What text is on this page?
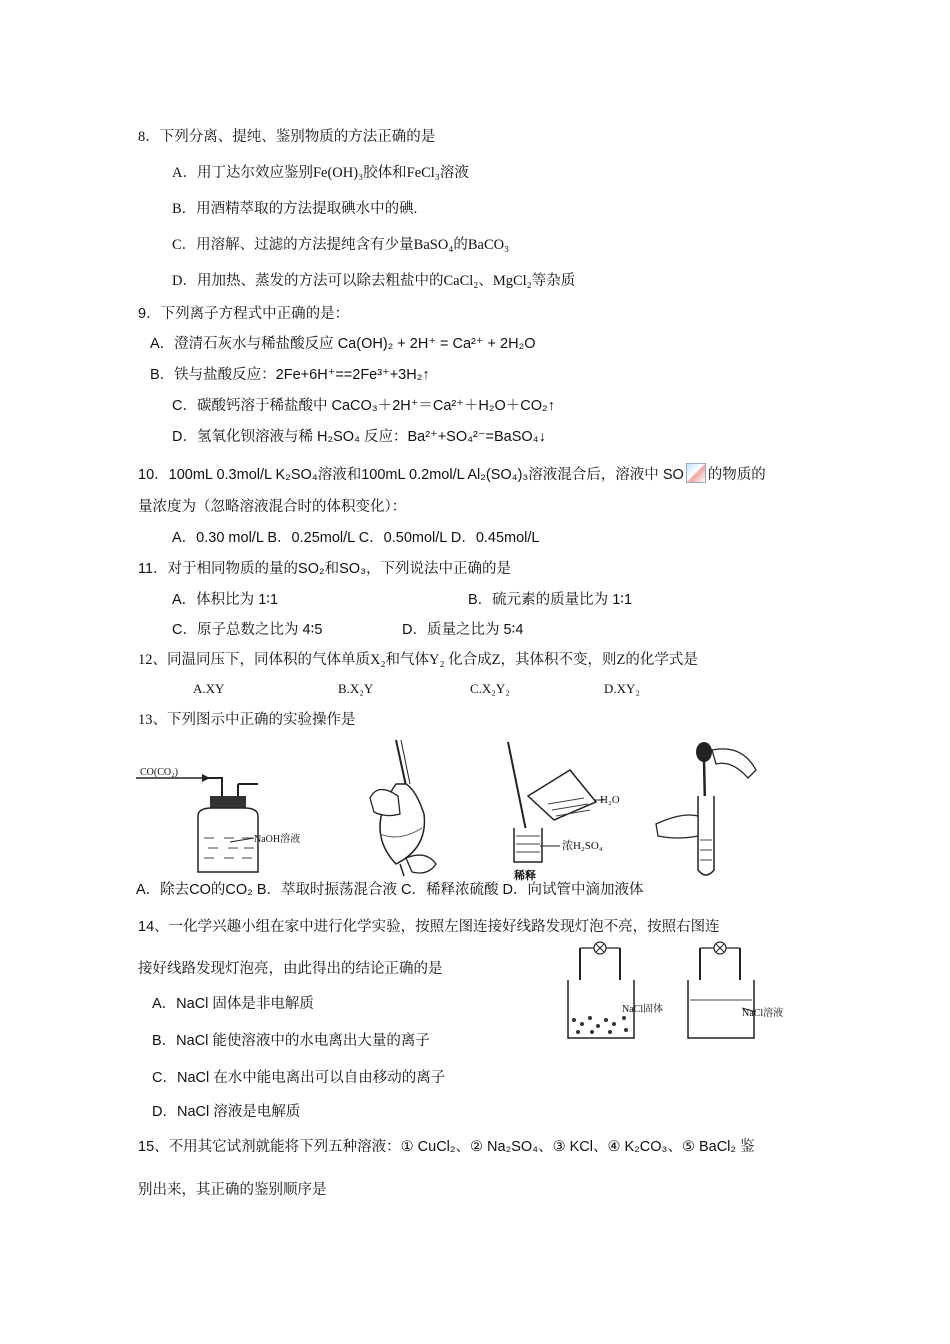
8．下列分离、提纯、鉴别物质的方法正确的是
A．用丁达尔效应鉴别Fe(OH)₃胶体和FeCl₃溶液
B．用酒精萃取的方法提取碘水中的碘.
C．用溶解、过滤的方法提纯含有少量BaSO₄的BaCO₃
D．用加热、蒸发的方法可以除去粗盐中的CaCl₂、MgCl₂等杂质
9．下列离子方程式中正确的是：
A．澄清石灰水与稀盐酸反应 Ca(OH)₂ + 2H⁺ = Ca²⁺ + 2H₂O
B．铁与盐酸反应：2Fe+6H⁺==2Fe³⁺+3H₂↑
C．碳酸钙溶于稀盐酸中 CaCO₃＋2H⁺＝Ca²⁺＋H₂O＋CO₂↑
D．氢氧化钡溶液与稀 H₂SO₄ 反应：Ba²⁺+SO₄²⁻=BaSO₄↓
10．100mL 0.3mol/L K₂SO₄溶液和100mL 0.2mol/L Al₂(SO₄)₃溶液混合后，溶液中 SO 的物质的
量浓度为（忽略溶液混合时的体积变化）：
A．0.30 mol/L B．0.25mol/L C．0.50mol/L D．0.45mol/L
11．对于相同物质的量的SO₂和SO₃，下列说法中正确的是
A．体积比为 1∶1	B．硫元素的质量比为 1∶1
C．原子总数之比为 4∶5	D．质量之比为 5∶4
12、同温同压下，同体积的气体单质X₂和气体Y₂ 化合成Z，其体积不变，则Z的化学式是
A.XY	B.X₂Y	C.X₂Y₂	D.XY₂
13、下列图示中正确的实验操作是
CO(CO₂)
NaOH溶液
H₂O
浓H₂SO₄
稀释
A．除去CO的CO₂ B．萃取时振荡混合液 C．稀释浓硫酸 D．向试管中滴加液体
14、一化学兴趣小组在家中进行化学实验，按照左图连接好线路发现灯泡不亮，按照右图连
接好线路发现灯泡亮，由此得出的结论正确的是
NaCl固体	NaCl溶液
A．NaCl 固体是非电解质
B．NaCl 能使溶液中的水电离出大量的离子
C．NaCl 在水中能电离出可以自由移动的离子
D．NaCl 溶液是电解质
15、不用其它试剂就能将下列五种溶液：① CuCl₂、② Na₂SO₄、③ KCl、④ K₂CO₃、⑤ BaCl₂ 鉴
别出来，其正确的鉴别顺序是
